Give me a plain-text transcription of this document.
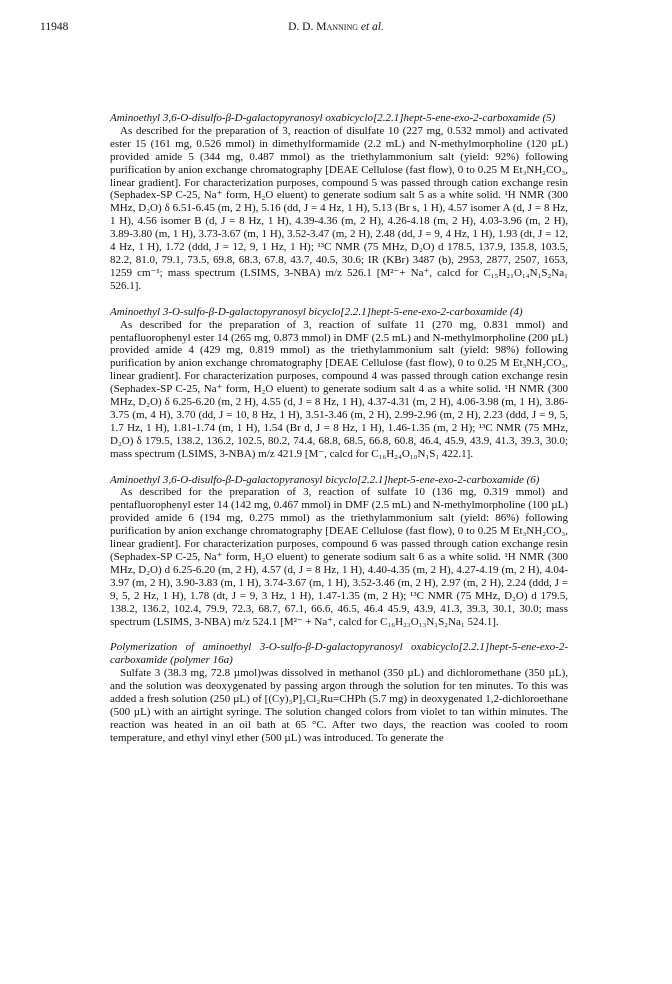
11948	D. D. Manning et al.

Aminoethyl 3,6-O-disulfo-β-D-galactopyranosyl oxabicyclo[2.2.1]hept-5-ene-exo-2-carboxamide (5)

As described for the preparation of 3, reaction of disulfate 10 (227 mg, 0.532 mmol) and activated ester 15 (161 mg, 0.526 mmol) in dimethylformamide (2.2 mL) and N-methylmorpholine (120 µL) provided amide 5 (344 mg, 0.487 mmol) as the triethylammonium salt (yield: 92%) following purification by anion exchange chromatography [DEAE Cellulose (fast flow), 0 to 0.25 M Et₃NH₂CO₃, linear gradient]. For characterization purposes, compound 5 was passed through cation exchange resin (Sephadex-SP C-25, Na⁺ form, H₂O eluent) to generate sodium salt 5 as a white solid. ¹H NMR (300 MHz, D₂O) δ 6.51-6.45 (m, 2 H), 5.16 (dd, J = 4 Hz, 1 H), 5.13 (Br s, 1 H), 4.57 isomer A (d, J = 8 Hz, 1 H), 4.56 isomer B (d, J = 8 Hz, 1 H), 4.39-4.36 (m, 2 H), 4.26-4.18 (m, 2 H), 4.03-3.96 (m, 2 H), 3.89-3.80 (m, 1 H), 3.73-3.67 (m, 1 H), 3.52-3.47 (m, 2 H), 2.48 (dd, J = 9, 4 Hz, 1 H), 1.93 (dt, J = 12, 4 Hz, 1 H), 1.72 (ddd, J = 12, 9, 1 Hz, 1 H); ¹³C NMR (75 MHz, D₂O) d 178.5, 137.9, 135.8, 103.5, 82.2, 81.0, 79.1, 73.5, 69.8, 68.3, 67.8, 43.7, 40.5, 30.6; IR (KBr) 3487 (b), 2953, 2877, 2507, 1653, 1259 cm⁻¹; mass spectrum (LSIMS, 3-NBA) m/z 526.1 [M²⁻+ Na⁺, calcd for C₁₅H₂₁O₁₄N₁S₂Na₁ 526.1].

Aminoethyl 3-O-sulfo-β-D-galactopyranosyl bicyclo[2.2.1]hept-5-ene-exo-2-carboxamide (4)

As described for the preparation of 3, reaction of sulfate 11 (270 mg, 0.831 mmol) and pentafluorophenyl ester 14 (265 mg, 0.873 mmol) in DMF (2.5 mL) and N-methylmorpholine (200 µL) provided amide 4 (429 mg, 0.819 mmol) as the triethylammonium salt (yield: 98%) following purification by anion exchange chromatography [DEAE Cellulose (fast flow), 0 to 0.25 M Et₃NH₂CO₃, linear gradient]. For characterization purposes, compound 4 was passed through cation exchange resin (Sephadex-SP C-25, Na⁺ form, H₂O eluent) to generate sodium salt 4 as a white solid. ¹H NMR (300 MHz, D₂O) δ 6.25-6.20 (m, 2 H), 4.55 (d, J = 8 Hz, 1 H), 4.37-4.31 (m, 2 H), 4.06-3.98 (m, 1 H), 3.86-3.75 (m, 4 H), 3.70 (dd, J = 10, 8 Hz, 1 H), 3.51-3.46 (m, 2 H), 2.99-2.96 (m, 2 H), 2.23 (ddd, J = 9, 5, 1.7 Hz, 1 H), 1.81-1.74 (m, 1 H), 1.54 (Br d, J = 8 Hz, 1 H), 1.46-1.35 (m, 2 H); ¹³C NMR (75 MHz, D₂O) δ 179.5, 138.2, 136.2, 102.5, 80.2, 74.4, 68.8, 68.5, 66.8, 60.8, 46.4, 45.9, 43.9, 41.3, 39.3, 30.0; mass spectrum (LSIMS, 3-NBA) m/z 421.9 [M⁻, calcd for C₁₆H₂₄O₁₀N₁S₁ 422.1].

Aminoethyl 3,6-O-disulfo-β-D-galactopyranosyl bicyclo[2.2.1]hept-5-ene-exo-2-carboxamide (6)

As described for the preparation of 3, reaction of sulfate 10 (136 mg, 0.319 mmol) and pentafluorophenyl ester 14 (142 mg, 0.467 mmol) in DMF (2.5 mL) and N-methylmorpholine (100 µL) provided amide 6 (194 mg, 0.275 mmol) as the triethylammonium salt (yield: 86%) following purification by anion exchange chromatography [DEAE Cellulose (fast flow), 0 to 0.25 M Et₃NH₂CO₃, linear gradient]. For characterization purposes, compound 6 was passed through cation exchange resin (Sephadex-SP C-25, Na⁺ form, H₂O eluent) to generate sodium salt 6 as a white solid. ¹H NMR (300 MHz, D₂O) d 6.25-6.20 (m, 2 H), 4.57 (d, J = 8 Hz, 1 H), 4.40-4.35 (m, 2 H), 4.27-4.19 (m, 2 H), 4.04-3.97 (m, 2 H), 3.90-3.83 (m, 1 H), 3.74-3.67 (m, 1 H), 3.52-3.46 (m, 2 H), 2.97 (m, 2 H), 2.24 (ddd, J = 9, 5, 2 Hz, 1 H), 1.78 (dt, J = 9, 3 Hz, 1 H), 1.47-1.35 (m, 2 H); ¹³C NMR (75 MHz, D₂O) d 179.5, 138.2, 136.2, 102.4, 79.9, 72.3, 68.7, 67.1, 66.6, 46.5, 46.4 45.9, 43.9, 41.3, 39.3, 30.1, 30.0; mass spectrum (LSIMS, 3-NBA) m/z 524.1 [M²⁻ + Na⁺, calcd for C₁₆H₂₃O₁₃N₁S₂Na₁ 524.1].

Polymerization of aminoethyl 3-O-sulfo-β-D-galactopyranosyl oxabicyclo[2.2.1]hept-5-ene-exo-2-carboxamide (polymer 16a)

Sulfate 3 (38.3 mg, 72.8 µmol)was dissolved in methanol (350 µL) and dichloromethane (350 µL), and the solution was deoxygenated by passing argon through the solution for ten minutes. To this was added a fresh solution (250 µL) of [(Cy)₃P]₂Cl₂Ru=CHPh (5.7 mg) in deoxygenated 1,2-dichloroethane (500 µL) with an airtight syringe. The solution changed colors from violet to tan within minutes. The reaction was heated in an oil bath at 65 °C. After two days, the reaction was cooled to room temperature, and ethyl vinyl ether (500 µL) was introduced. To generate the
